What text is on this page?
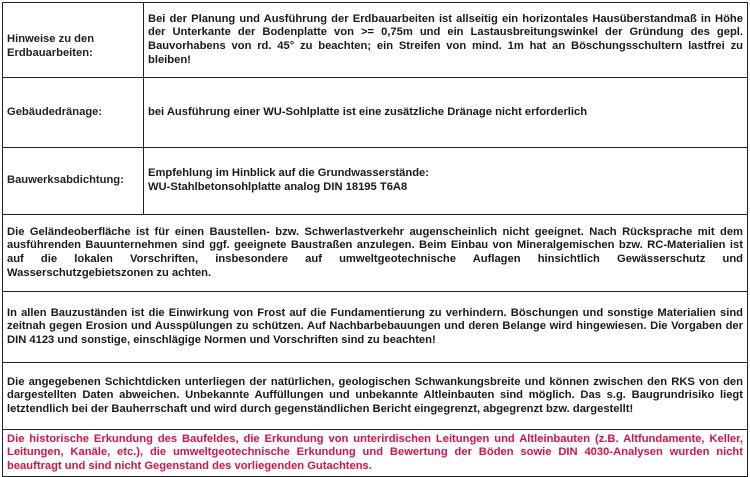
Hinweise zu den
Erdbauarbeiten:	Bei der Planung und Ausführung der Erdbauarbeiten ist allseitig ein horizontales Hausüberstandmaß in Höhe der Unterkante der Bodenplatte von >= 0,75m und ein Lastausbreitungswinkel der Gründung des gepl. Bauvorhabens von rd. 45° zu beachten; ein Streifen von mind. 1m hat an Böschungsschultern lastfrei zu bleiben!
Gebäudedränage:	bei Ausführung einer WU-Sohlplatte ist eine zusätzliche Dränage nicht erforderlich
Bauwerksabdichtung:	Empfehlung im Hinblick auf die Grundwasserstände:
WU-Stahlbetonsohlplatte analog DIN 18195 T6A8

Die Geländeoberfläche ist für einen Baustellen- bzw. Schwerlastverkehr augenscheinlich nicht geeignet. Nach Rücksprache mit dem ausführenden Bauunternehmen sind ggf. geeignete Baustraßen anzulegen. Beim Einbau von Mineralgemischen bzw. RC-Materialien ist auf die lokalen Vorschriften, insbesondere auf umweltgeotechnische Auflagen hinsichtlich Gewässerschutz und Wasserschutzgebietszonen zu achten.	
In allen Bauzuständen ist die Einwirkung von Frost auf die Fundamentierung zu verhindern. Böschungen und sonstige Materialien sind zeitnah gegen Erosion und Ausspülungen zu schützen. Auf Nachbarbebauungen und deren Belange wird hingewiesen. Die Vorgaben der DIN 4123 und sonstige, einschlägige Normen und Vorschriften sind zu beachten!	
Die angegebenen Schichtdicken unterliegen der natürlichen, geologischen Schwankungsbreite und können zwischen den RKS von den dargestellten Daten abweichen. Unbekannte Auffüllungen und unbekannte Altleinbauten sind möglich. Das s.g. Baugrundrisiko liegt letztendlich bei der Bauherrschaft und wird durch gegenständlichen Bericht eingegrenzt, abgegrenzt bzw. dargestellt!	
Die historische Erkundung des Baufeldes, die Erkundung von unterirdischen Leitungen und Altleinbauten (z.B. Altfundamente, Keller, Leitungen, Kanäle, etc.), die umweltgeotechnische Erkundung und Bewertung der Böden sowie DIN 4030-Analysen wurden nicht beauftragt und sind nicht Gegenstand des vorliegenden Gutachtens.	
